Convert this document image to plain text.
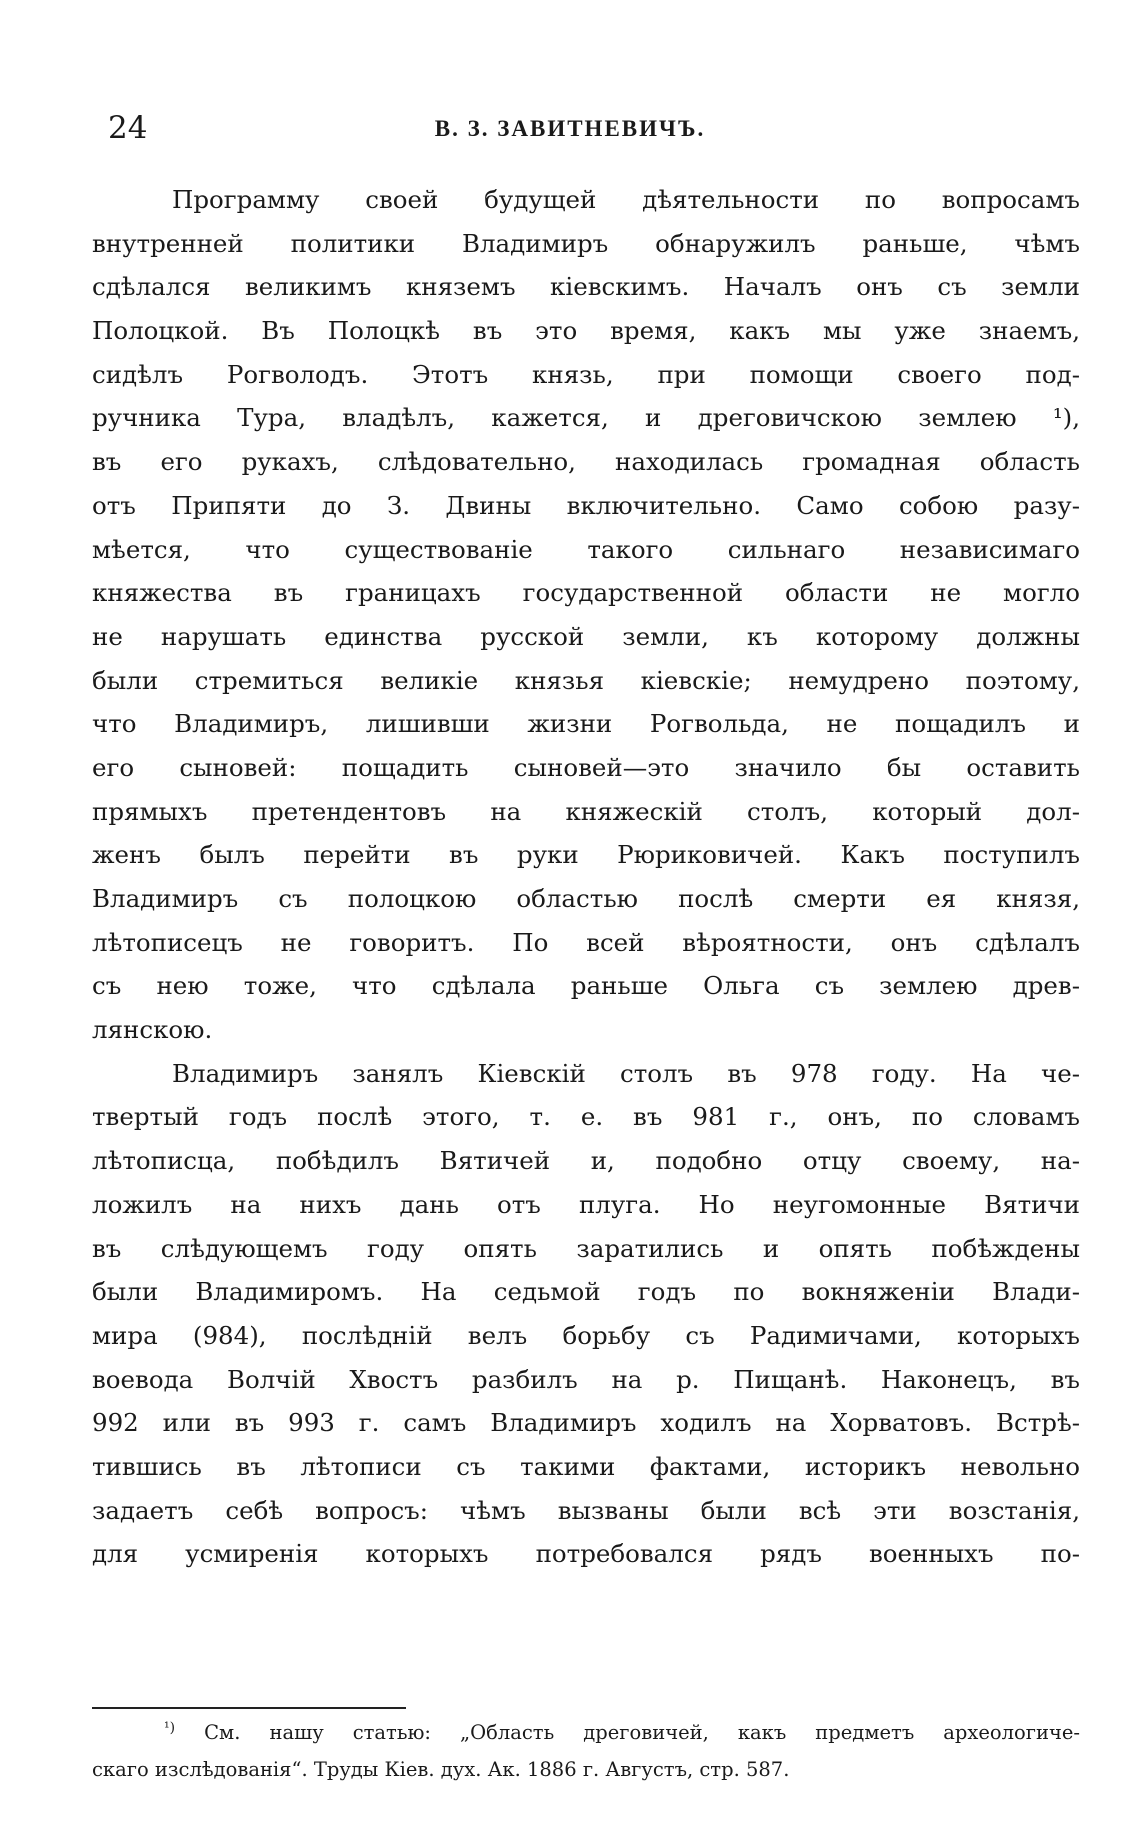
24	В. З. ЗАВИТНЕВИЧЪ.
Программу своей будущей дѣятельности по вопросамъ
внутренней политики Владимиръ обнаружилъ раньше, чѣмъ
сдѣлался великимъ княземъ кіевскимъ. Началъ онъ съ земли
Полоцкой. Въ Полоцкѣ въ это время, какъ мы уже знаемъ,
сидѣлъ Рогволодъ. Этотъ князь, при помощи своего под-
ручника Тура, владѣлъ, кажется, и дреговичскою землею ¹),
въ его рукахъ, слѣдовательно, находилась громадная область
отъ Припяти до З. Двины включительно. Само собою разу-
мѣется, что существованіе такого сильнаго независимаго
княжества въ границахъ государственной области не могло
не нарушать единства русской земли, къ которому должны
были стремиться великіе князья кіевскіе; немудрено поэтому,
что Владимиръ, лишивши жизни Рогвольда, не пощадилъ и
его сыновей: пощадить сыновей—это значило бы оставить
прямыхъ претендентовъ на княжескій столъ, который дол-
женъ былъ перейти въ руки Рюриковичей. Какъ поступилъ
Владимиръ съ полоцкою областью послѣ смерти ея князя,
лѣтописецъ не говоритъ. По всей вѣроятности, онъ сдѣлалъ
съ нею тоже, что сдѣлала раньше Ольга съ землею древ-
лянскою.
Владимиръ занялъ Кіевскій столъ въ 978 году. На че-
твертый годъ послѣ этого, т. е. въ 981 г., онъ, по словамъ
лѣтописца, побѣдилъ Вятичей и, подобно отцу своему, на-
ложилъ на нихъ дань отъ плуга. Но неугомонные Вятичи
въ слѣдующемъ году опять заратились и опять побѣждены
были Владимиромъ. На седьмой годъ по вокняженіи Влади-
мира (984), послѣдній велъ борьбу съ Радимичами, которыхъ
воевода Волчій Хвостъ разбилъ на р. Пищанѣ. Наконецъ, въ
992 или въ 993 г. самъ Владимиръ ходилъ на Хорватовъ. Встрѣ-
тившись въ лѣтописи съ такими фактами, историкъ невольно
задаетъ себѣ вопросъ: чѣмъ вызваны были всѣ эти возстанія,
для усмиренія которыхъ потребовался рядъ военныхъ по-
$^{^1)}$ См. нашу статью: „Область дреговичей, какъ предметъ археологиче-
скаго изслѣдованія“. Труды Кіев. дух. Ак. 1886 г. Августъ, стр. 587.
